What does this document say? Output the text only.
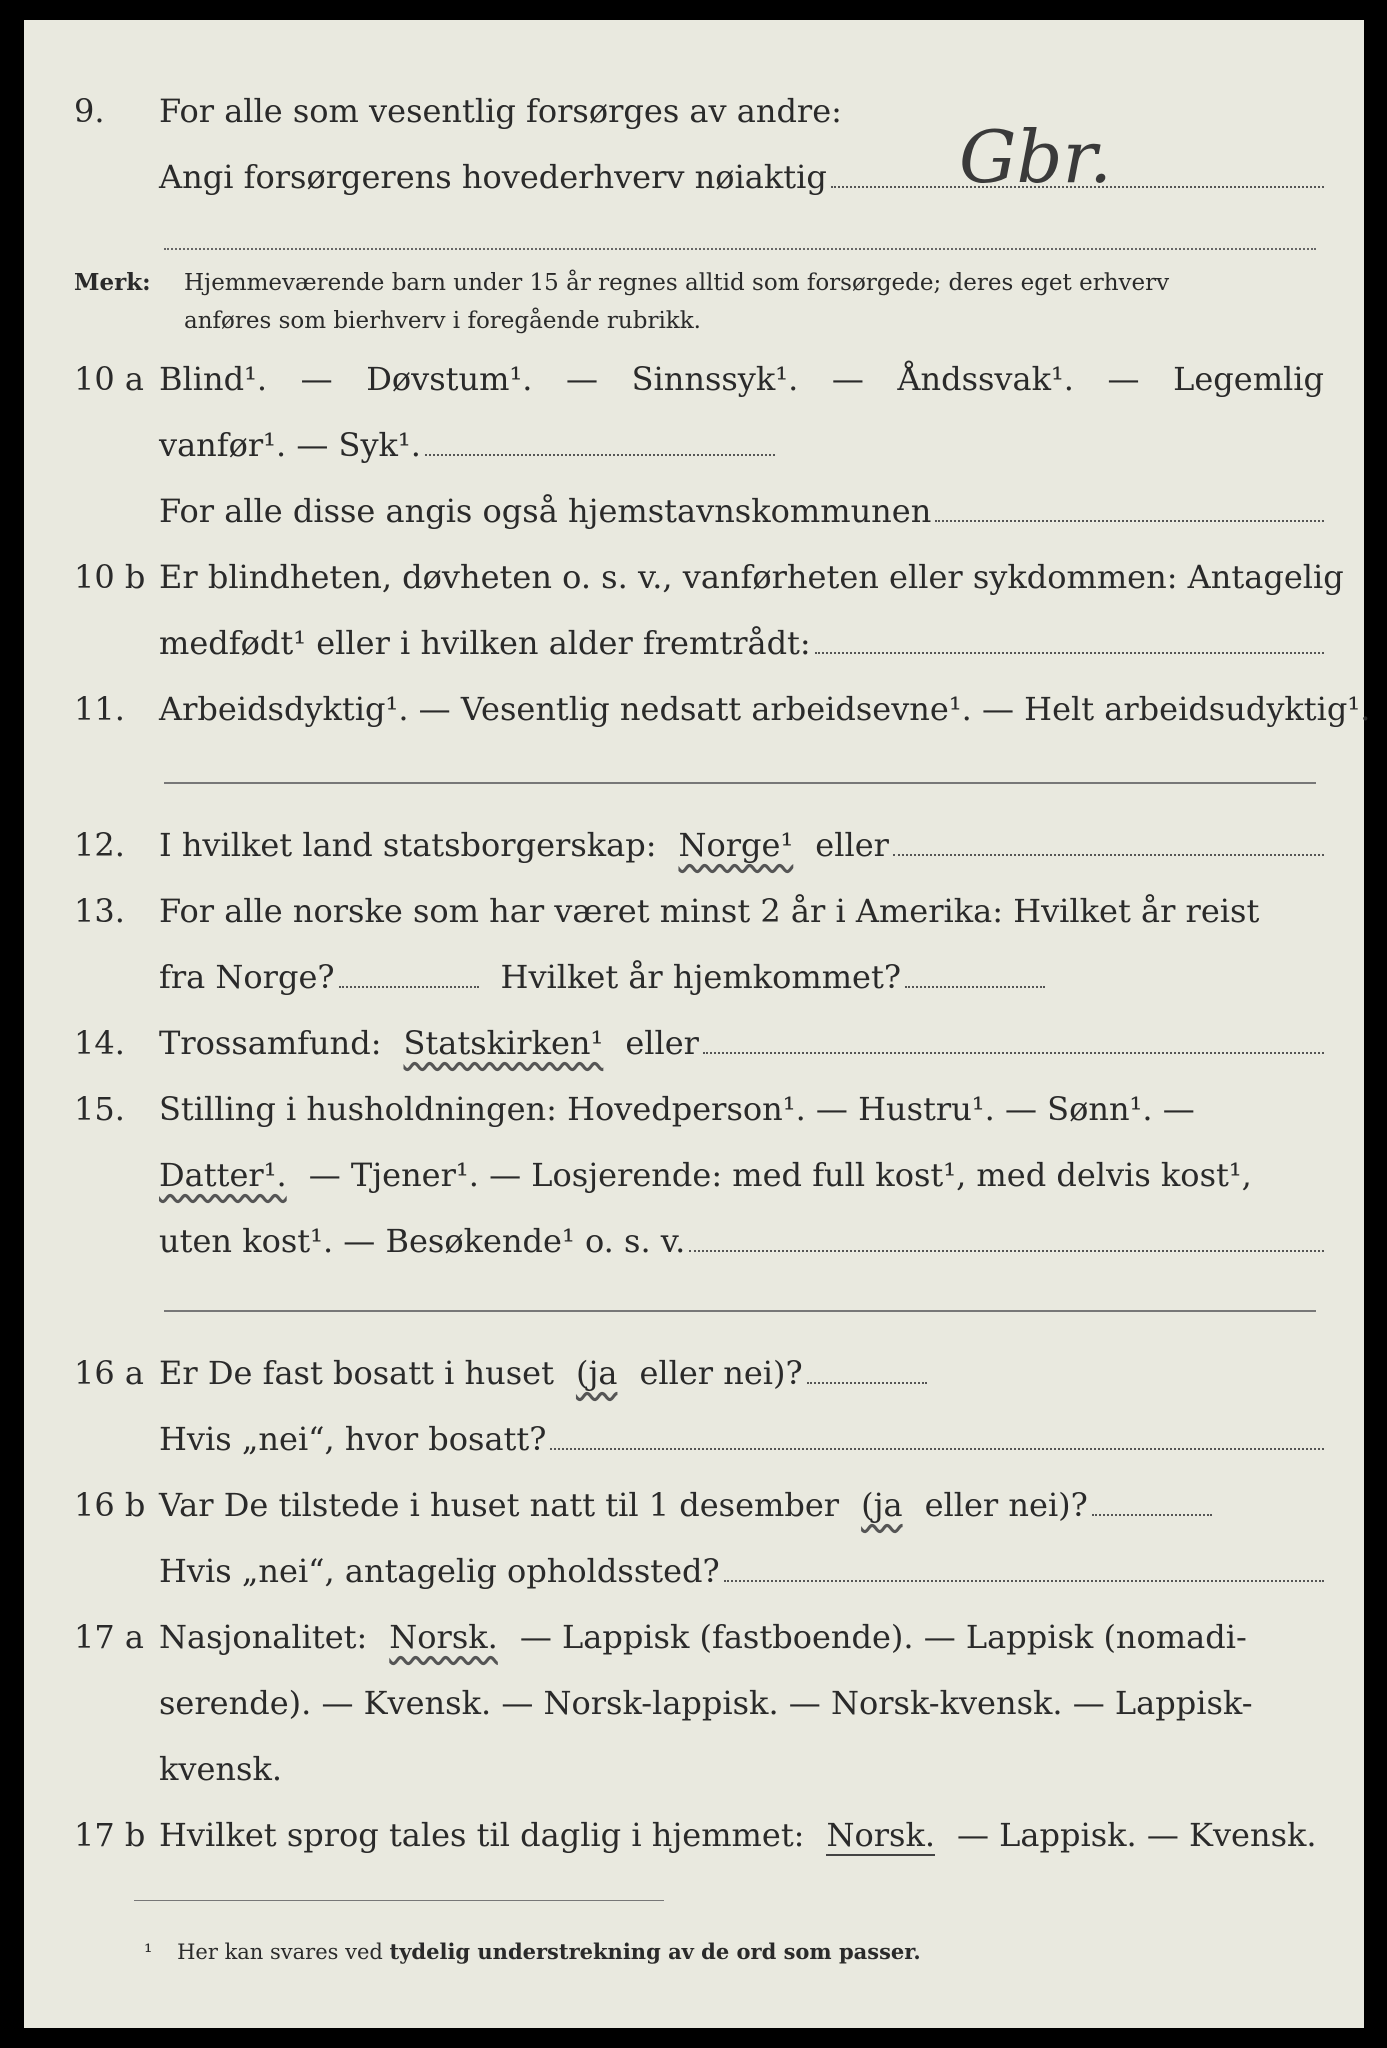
9.	For alle som vesentlig forsørges av andre:
Angi forsørgerens hovederhverv nøiaktig Gbr.
Merk: Hjemmeværende barn under 15 år regnes alltid som forsørgede; deres eget erhverv
anføres som bierhverv i foregående rubrikk.
10 a Blind¹. — Døvstum¹. — Sinnssyk¹. — Åndssvak¹. — Legemlig
vanfør¹. — Syk¹.
For alle disse angis også hjemstavnskommunen
10 b Er blindheten, døvheten o. s. v., vanførheten eller sykdommen: Antagelig
medfødt¹ eller i hvilken alder fremtrådt:
11.	Arbeidsdyktig¹. — Vesentlig nedsatt arbeidsevne¹. — Helt arbeidsudyktig¹.
12.	I hvilket land statsborgerskap: Norge¹ eller
13.	For alle norske som har været minst 2 år i Amerika: Hvilket år reist
fra Norge?	Hvilket år hjemkommet?
14.	Trossamfund: Statskirken¹ eller
15.	Stilling i husholdningen: Hovedperson¹. — Hustru¹. — Sønn¹. —
Datter¹. — Tjener¹. — Losjerende: med full kost¹, med delvis kost¹,
uten kost¹. — Besøkende¹ o. s. v.
16 a Er De fast bosatt i huset (ja eller nei)?
Hvis „nei“, hvor bosatt?
16 b Var De tilstede i huset natt til 1 desember (ja eller nei)?
Hvis „nei“, antagelig opholdssted?
17 a Nasjonalitet: Norsk. — Lappisk (fastboende). — Lappisk (nomadi-
serende). — Kvensk. — Norsk-lappisk. — Norsk-kvensk. — Lappisk-
kvensk.
17 b Hvilket sprog tales til daglig i hjemmet: Norsk. — Lappisk. — Kvensk.
¹ Her kan svares ved tydelig understrekning av de ord som passer.
